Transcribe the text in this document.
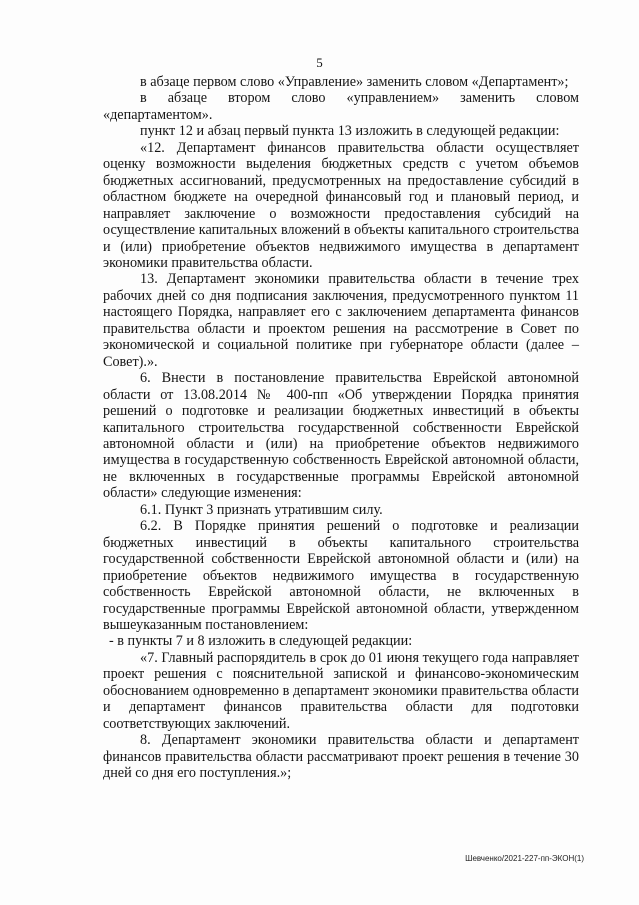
5

в абзаце первом слово «Управление» заменить словом «Департамент»;

в абзаце втором слово «управлением» заменить словом «департаментом».

пункт 12 и абзац первый пункта 13 изложить в следующей редакции:

«12. Департамент финансов правительства области осуществляет оценку возможности выделения бюджетных средств с учетом объемов бюджетных ассигнований, предусмотренных на предоставление субсидий в областном бюджете на очередной финансовый год и плановый период, и направляет заключение о возможности предоставления субсидий на осуществление капитальных вложений в объекты капитального строительства и (или) приобретение объектов недвижимого имущества в департамент экономики правительства области.

13. Департамент экономики правительства области в течение трех рабочих дней со дня подписания заключения, предусмотренного пунктом 11 настоящего Порядка, направляет его с заключением департамента финансов правительства области и проектом решения на рассмотрение в Совет по экономической и социальной политике при губернаторе области (далее – Совет).».

6. Внести в постановление правительства Еврейской автономной области от 13.08.2014 № 400-пп «Об утверждении Порядка принятия решений о подготовке и реализации бюджетных инвестиций в объекты капитального строительства государственной собственности Еврейской автономной области и (или) на приобретение объектов недвижимого имущества в государственную собственность Еврейской автономной области, не включенных в государственные программы Еврейской автономной области» следующие изменения:

6.1. Пункт 3 признать утратившим силу.

6.2. В Порядке принятия решений о подготовке и реализации бюджетных инвестиций в объекты капитального строительства государственной собственности Еврейской автономной области и (или) на приобретение объектов недвижимого имущества в государственную собственность Еврейской автономной области, не включенных в государственные программы Еврейской автономной области, утвержденном вышеуказанным постановлением:

- в пункты 7 и 8 изложить в следующей редакции:

«7. Главный распорядитель в срок до 01 июня текущего года направляет проект решения с пояснительной запиской и финансово-экономическим обоснованием одновременно в департамент экономики правительства области и департамент финансов правительства области для подготовки соответствующих заключений.

8. Департамент экономики правительства области и департамент финансов правительства области рассматривают проект решения в течение 30 дней со дня его поступления.»;

Шевченко/2021-227-пп-ЭКОН(1)
